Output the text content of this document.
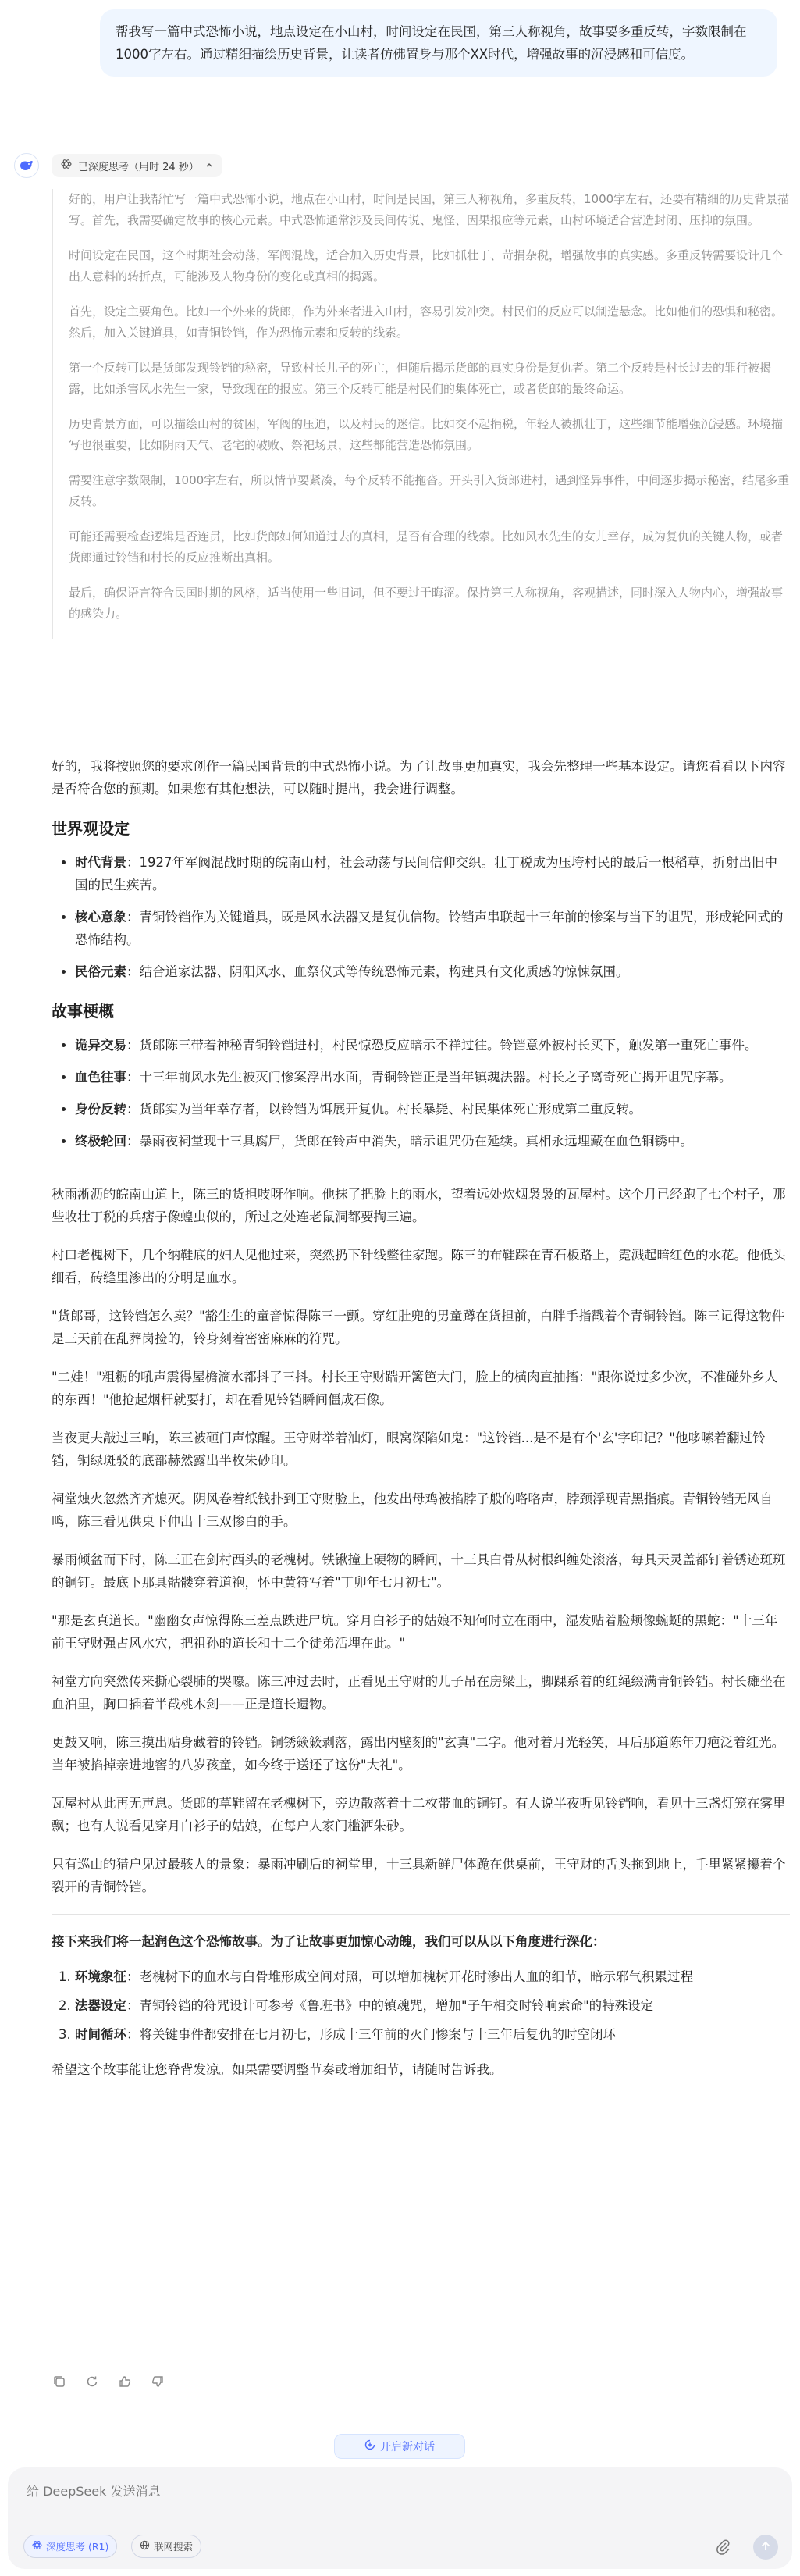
帮我写一篇中式恐怖小说，地点设定在小山村，时间设定在民国，第三人称视角，故事要多重反转，字数限制在1000字左右。通过精细描绘历史背景，让读者仿佛置身与那个XX时代，增强故事的沉浸感和可信度。
已深度思考（用时 24 秒）

好的，用户让我帮忙写一篇中式恐怖小说，地点在小山村，时间是民国，第三人称视角，多重反转，1000字左右，还要有精细的历史背景描写。首先，我需要确定故事的核心元素。中式恐怖通常涉及民间传说、鬼怪、因果报应等元素，山村环境适合营造封闭、压抑的氛围。

时间设定在民国，这个时期社会动荡，军阀混战，适合加入历史背景，比如抓壮丁、苛捐杂税，增强故事的真实感。多重反转需要设计几个出人意料的转折点，可能涉及人物身份的变化或真相的揭露。

首先，设定主要角色。比如一个外来的货郎，作为外来者进入山村，容易引发冲突。村民们的反应可以制造悬念。比如他们的恐惧和秘密。然后，加入关键道具，如青铜铃铛，作为恐怖元素和反转的线索。

第一个反转可以是货郎发现铃铛的秘密，导致村长儿子的死亡，但随后揭示货郎的真实身份是复仇者。第二个反转是村长过去的罪行被揭露，比如杀害风水先生一家，导致现在的报应。第三个反转可能是村民们的集体死亡，或者货郎的最终命运。

历史背景方面，可以描绘山村的贫困，军阀的压迫，以及村民的迷信。比如交不起捐税，年轻人被抓壮丁，这些细节能增强沉浸感。环境描写也很重要，比如阴雨天气、老宅的破败、祭祀场景，这些都能营造恐怖氛围。

需要注意字数限制，1000字左右，所以情节要紧凑，每个反转不能拖沓。开头引入货郎进村，遇到怪异事件，中间逐步揭示秘密，结尾多重反转。

可能还需要检查逻辑是否连贯，比如货郎如何知道过去的真相，是否有合理的线索。比如风水先生的女儿幸存，成为复仇的关键人物，或者货郎通过铃铛和村长的反应推断出真相。

最后，确保语言符合民国时期的风格，适当使用一些旧词，但不要过于晦涩。保持第三人称视角，客观描述，同时深入人物内心，增强故事的感染力。

好的，我将按照您的要求创作一篇民国背景的中式恐怖小说。为了让故事更加真实，我会先整理一些基本设定。请您看看以下内容是否符合您的预期。如果您有其他想法，可以随时提出，我会进行调整。

世界观设定
• 时代背景：1927年军阀混战时期的皖南山村，社会动荡与民间信仰交织。壮丁税成为压垮村民的最后一根稻草，折射出旧中国的民生疾苦。
• 核心意象：青铜铃铛作为关键道具，既是风水法器又是复仇信物。铃铛声串联起十三年前的惨案与当下的诅咒，形成轮回式的恐怖结构。
• 民俗元素：结合道家法器、阴阳风水、血祭仪式等传统恐怖元素，构建具有文化质感的惊悚氛围。
故事梗概
• 诡异交易：货郎陈三带着神秘青铜铃铛进村，村民惊恐反应暗示不祥过往。铃铛意外被村长买下，触发第一重死亡事件。
• 血色往事：十三年前风水先生被灭门惨案浮出水面，青铜铃铛正是当年镇魂法器。村长之子离奇死亡揭开诅咒序幕。
• 身份反转：货郎实为当年幸存者，以铃铛为饵展开复仇。村长暴毙、村民集体死亡形成第二重反转。
• 终极轮回：暴雨夜祠堂现十三具腐尸，货郎在铃声中消失，暗示诅咒仍在延续。真相永远埋藏在血色铜锈中。

秋雨淅沥的皖南山道上，陈三的货担吱呀作响。他抹了把脸上的雨水，望着远处炊烟袅袅的瓦屋村。这个月已经跑了七个村子，那些收壮丁税的兵痞子像蝗虫似的，所过之处连老鼠洞都要掏三遍。

村口老槐树下，几个纳鞋底的妇人见他过来，突然扔下针线鳖往家跑。陈三的布鞋踩在青石板路上，霓溅起暗红色的水花。他低头细看，砖缝里渗出的分明是血水。

"货郎哥，这铃铛怎么卖？"豁生生的童音惊得陈三一颤。穿红肚兜的男童蹲在货担前，白胖手指戳着个青铜铃铛。陈三记得这物件是三天前在乱葬岗捡的，铃身刻着密密麻麻的符咒。

"二娃！"粗粝的吼声震得屋檐滴水都抖了三抖。村长王守财踹开篱笆大门，脸上的横肉直抽搐："跟你说过多少次，不准碰外乡人的东西！"他抢起烟杆就要打，却在看见铃铛瞬间僵成石像。

当夜更夫敲过三响，陈三被砸门声惊醒。王守财举着油灯，眼窝深陷如鬼："这铃铛...是不是有个'玄'字印记？"他哆嗦着翻过铃铛，铜绿斑驳的底部赫然露出半枚朱砂印。

祠堂烛火忽然齐齐熄灭。阴风卷着纸钱扑到王守财脸上，他发出母鸡被掐脖子般的咯咯声，脖颈浮现青黑指痕。青铜铃铛无风自鸣，陈三看见供桌下伸出十三双惨白的手。

暴雨倾盆而下时，陈三正在剑村西头的老槐树。铁锹撞上硬物的瞬间，十三具白骨从树根纠缠处滚落，每具天灵盖都钉着锈迹斑斑的铜钉。最底下那具骷髅穿着道袍，怀中黄符写着"丁卯年七月初七"。

"那是玄真道长。"幽幽女声惊得陈三差点跌进尸坑。穿月白衫子的姑娘不知何时立在雨中，湿发贴着脸颊像蜿蜒的黑蛇："十三年前王守财强占风水穴，把祖孙的道长和十二个徒弟活埋在此。"

祠堂方向突然传来撕心裂肺的哭嚎。陈三冲过去时，正看见王守财的儿子吊在房梁上，脚踝系着的红绳缀满青铜铃铛。村长瘫坐在血泊里，胸口插着半截桃木剑——正是道长遗物。

更鼓又响，陈三摸出贴身藏着的铃铛。铜锈簌簌剥落，露出内壁刻的"玄真"二字。他对着月光轻笑，耳后那道陈年刀疤泛着红光。当年被掐掉亲进地窖的八岁孩童，如今终于送还了这份"大礼"。

瓦屋村从此再无声息。货郎的草鞋留在老槐树下，旁边散落着十二枚带血的铜钉。有人说半夜听见铃铛响，看见十三盏灯笼在雾里飘；也有人说看见穿月白衫子的姑娘，在每户人家门槛洒朱砂。

只有巡山的猎户见过最骇人的景象：暴雨冲刷后的祠堂里，十三具新鲜尸体跪在供桌前，王守财的舌头拖到地上，手里紧紧攥着个裂开的青铜铃铛。

接下来我们将一起润色这个恐怖故事。为了让故事更加惊心动魄，我们可以从以下角度进行深化：

1. 环境象征：老槐树下的血水与白骨堆形成空间对照，可以增加槐树开花时渗出人血的细节，暗示邪气积累过程
2. 法器设定：青铜铃铛的符咒设计可参考《鲁班书》中的镇魂咒，增加"子午相交时铃响索命"的特殊设定
3. 时间循环：将关键事件都安排在七月初七，形成十三年前的灭门惨案与十三年后复仇的时空闭环

希望这个故事能让您脊背发凉。如果需要调整节奏或增加细节，请随时告诉我。

开启新对话
给 DeepSeek 发送消息
深度思考 (R1)	联网搜索
